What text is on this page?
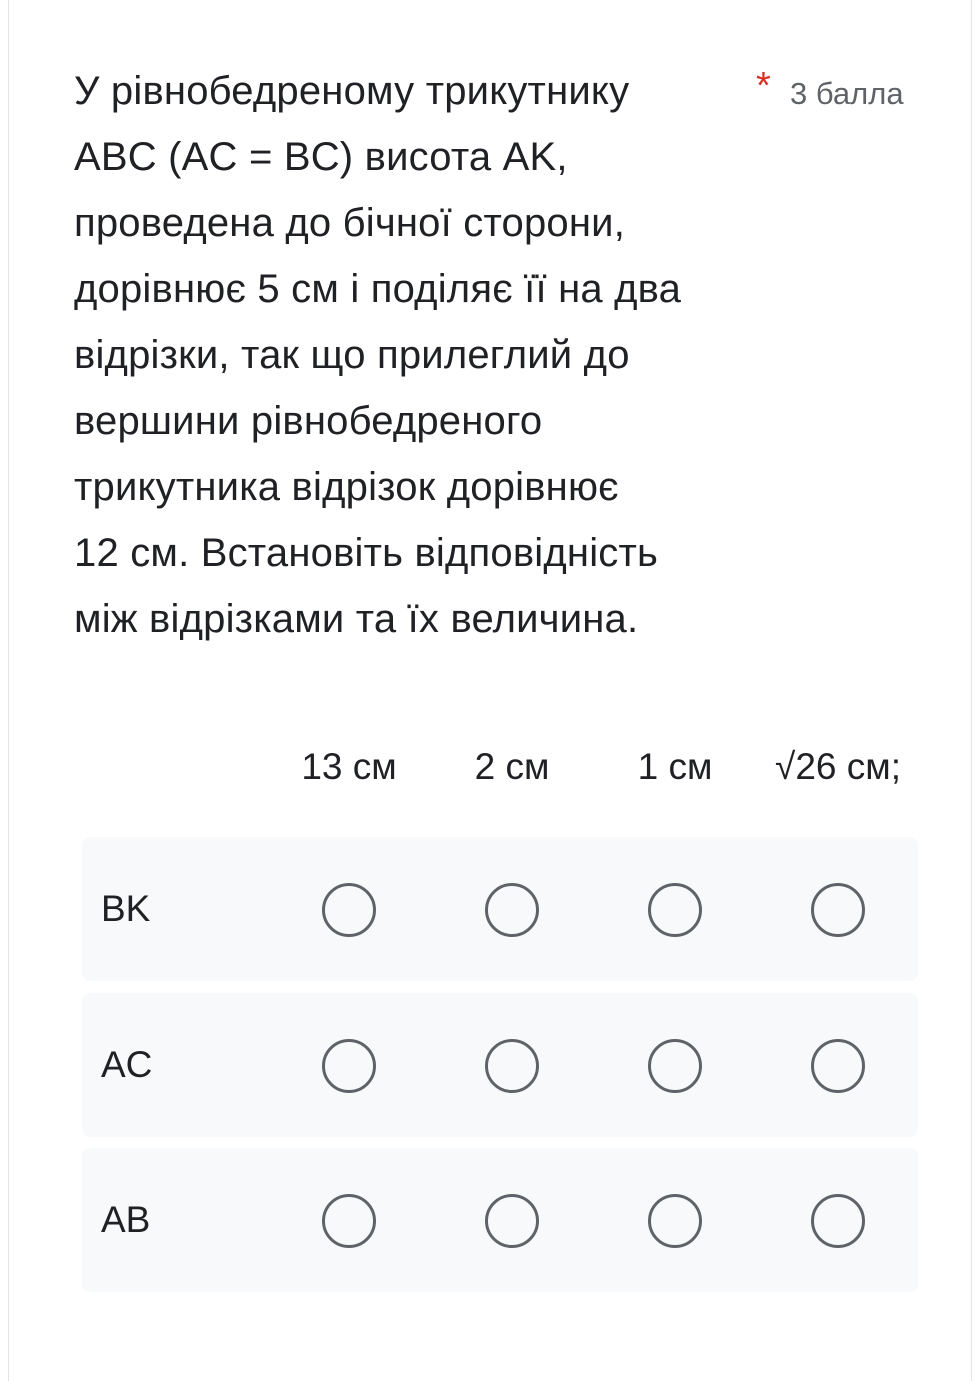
У рівнобедреному трикутнику
ABC (AC = BC) висота AK,
проведена до бічної сторони,
дорівнює 5 см і поділяє її на два
відрізки, так що прилеглий до
вершини рівнобедреного
трикутника відрізок дорівнює
12 см. Встановіть відповідність
між відрізками та їх величина.
* 3 балла
13 см	2 см	1 см	√26 см;
BK
AC
AB
